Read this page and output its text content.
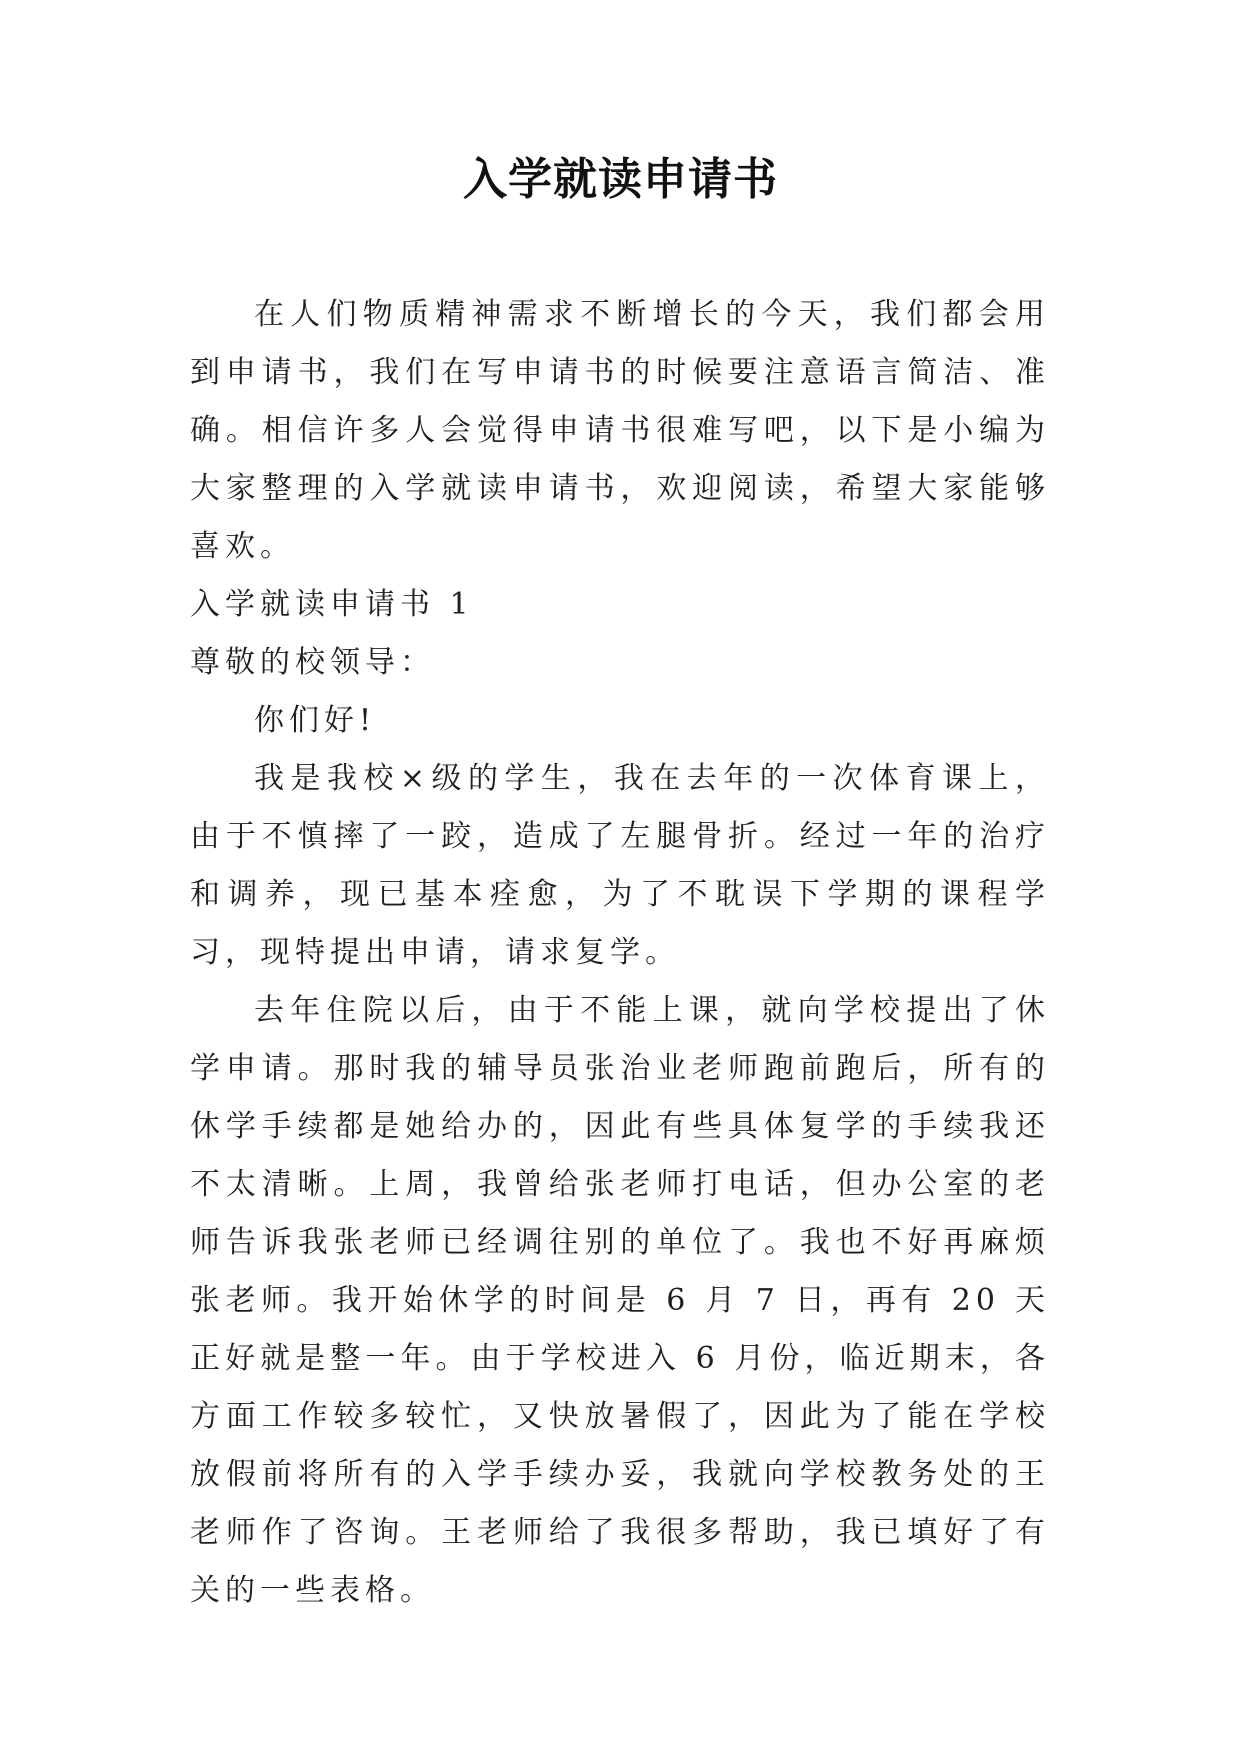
入学就读申请书

在人们物质精神需求不断增长的今天，我们都会用到申请书，我们在写申请书的时候要注意语言简洁、准确。相信许多人会觉得申请书很难写吧，以下是小编为大家整理的入学就读申请书，欢迎阅读，希望大家能够喜欢。

入学就读申请书 1

尊敬的校领导：

你们好!

我是我校×级的学生，我在去年的一次体育课上，由于不慎摔了一跤，造成了左腿骨折。经过一年的治疗和调养，现已基本痊愈，为了不耽误下学期的课程学习，现特提出申请，请求复学。

去年住院以后，由于不能上课，就向学校提出了休学申请。那时我的辅导员张治业老师跑前跑后，所有的休学手续都是她给办的，因此有些具体复学的手续我还不太清晰。上周，我曾给张老师打电话，但办公室的老师告诉我张老师已经调往别的单位了。我也不好再麻烦张老师。我开始休学的时间是 6 月 7 日，再有 20 天正好就是整一年。由于学校进入 6 月份，临近期末，各方面工作较多较忙，又快放暑假了，因此为了能在学校放假前将所有的入学手续办妥，我就向学校教务处的王老师作了咨询。王老师给了我很多帮助，我已填好了有关的一些表格。
